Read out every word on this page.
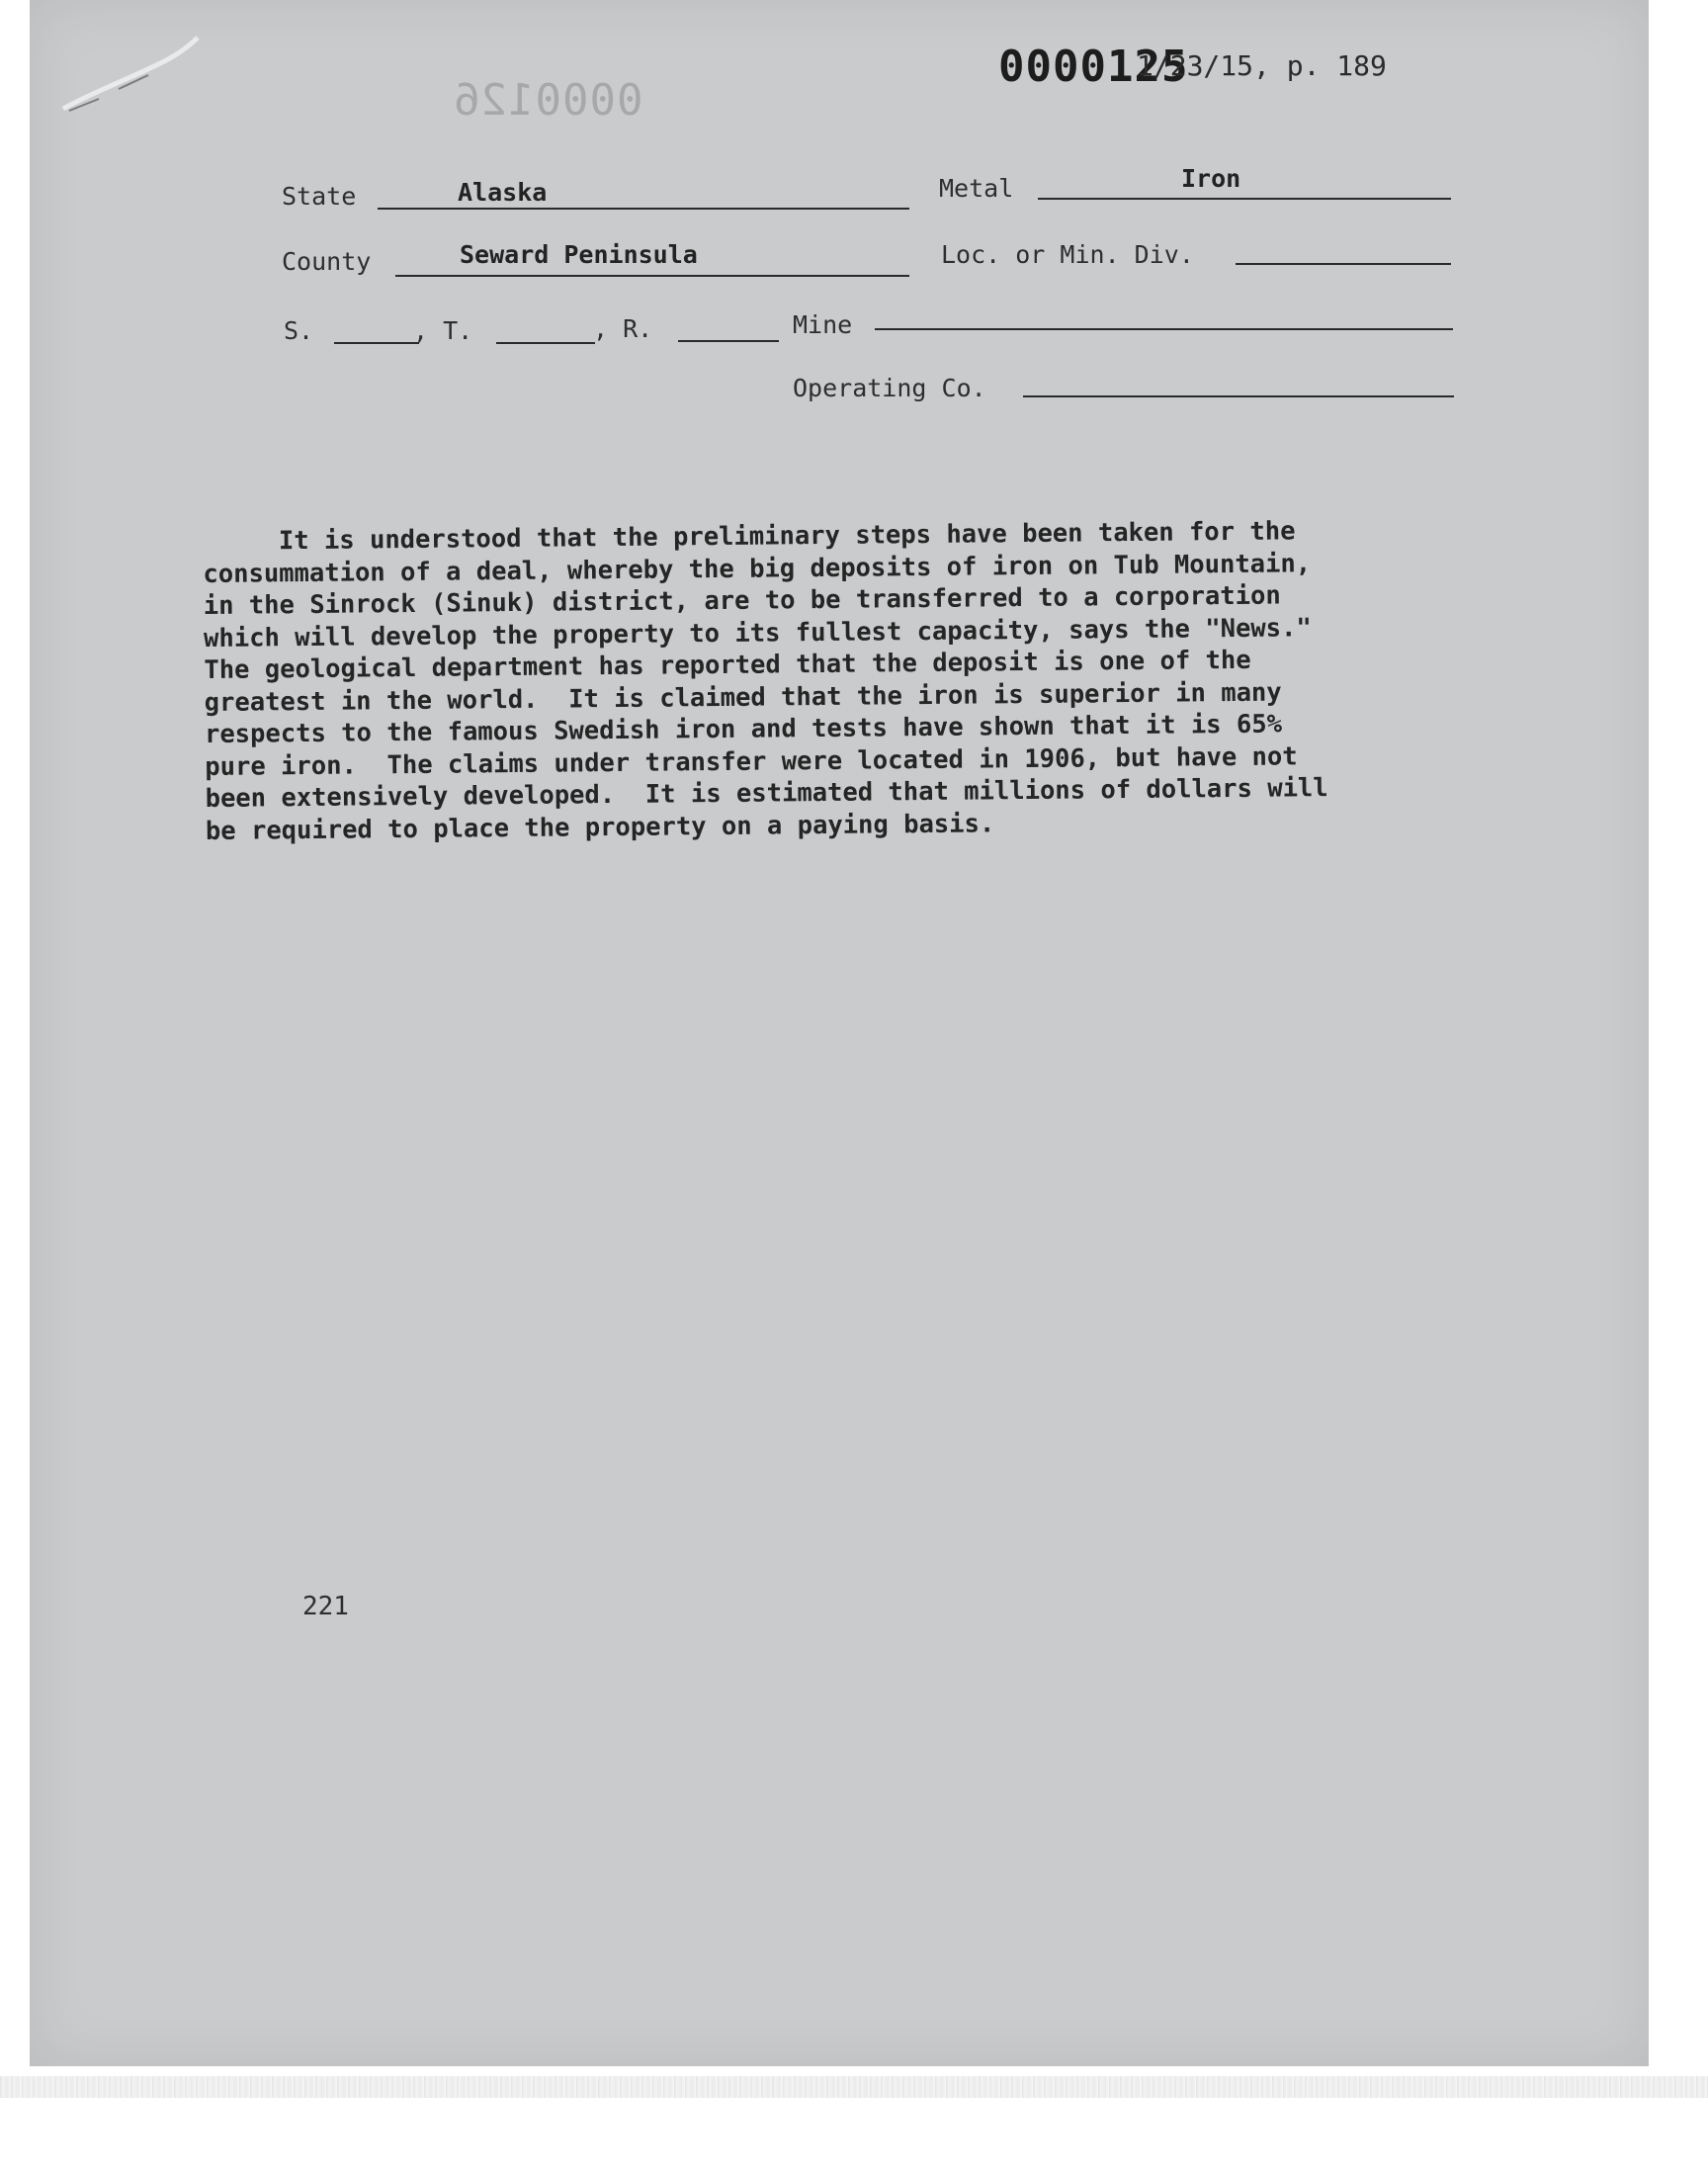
0000126
0000125
1/23/15, p. 189
State	Alaska	Metal	Iron
County	Seward Peninsula	Loc. or Min. Div.
S.	, T.	, R.	Mine
Operating Co.
It is understood that the preliminary steps have been taken for the
consummation of a deal, whereby the big deposits of iron on Tub Mountain,
in the Sinrock (Sinuk) district, are to be transferred to a corporation
which will develop the property to its fullest capacity, says the "News."
The geological department has reported that the deposit is one of the
greatest in the world.  It is claimed that the iron is superior in many
respects to the famous Swedish iron and tests have shown that it is 65%
pure iron.  The claims under transfer were located in 1906, but have not
been extensively developed.  It is estimated that millions of dollars will
be required to place the property on a paying basis.
221
